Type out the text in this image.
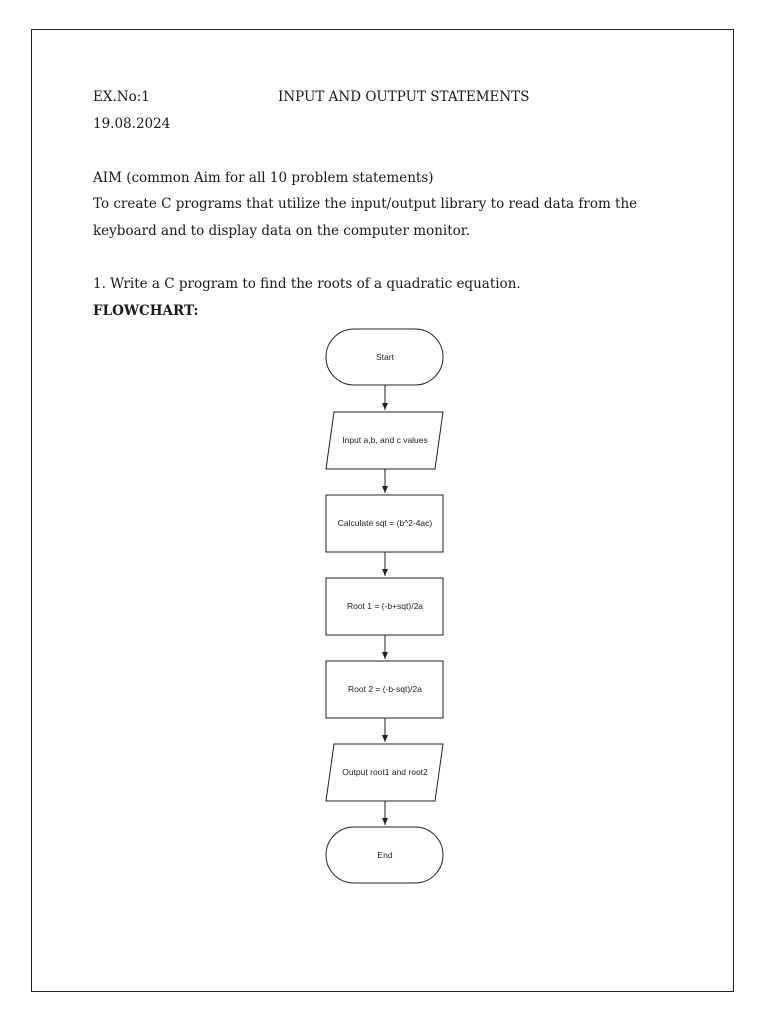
EX.No:1	INPUT AND OUTPUT STATEMENTS
19.08.2024
AIM (common Aim for all 10 problem statements)
To create C programs that utilize the input/output library to read data from the
keyboard and to display data on the computer monitor.
1. Write a C program to find the roots of a quadratic equation.
FLOWCHART:
Start
Input a,b, and c values
Calculate sqt = (b^2-4ac)
Root 1 = (-b+sqt)/2a
Root 2 = (-b-sqt)/2a
Output root1 and root2
End
